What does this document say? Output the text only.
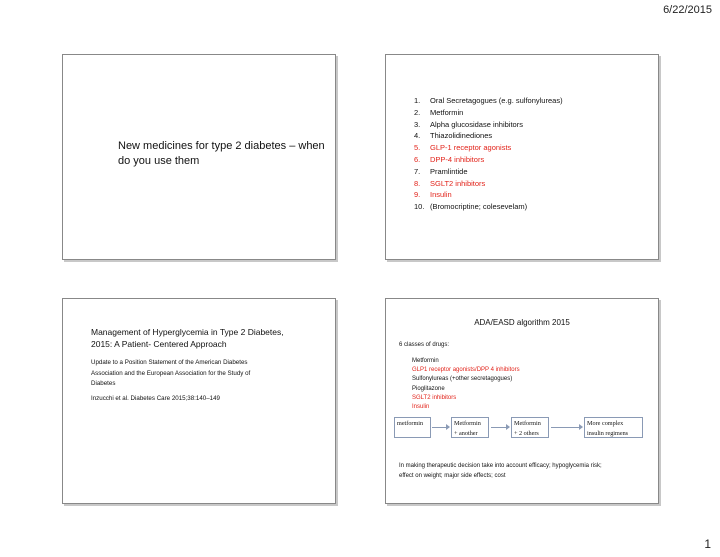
6/22/2015
New medicines for type 2 diabetes – when do you use them
1. Oral Secretagogues (e.g. sulfonylureas)
2. Metformin
3. Alpha glucosidase inhibitors
4. Thiazolidinediones
5. GLP-1 receptor agonists
6. DPP-4 inhibitors
7. Pramlintide
8. SGLT2 inhibitors
9. Insulin
10. (Bromocriptine; colesevelam)
Management of Hyperglycemia in Type 2 Diabetes,
2015: A Patient- Centered Approach
Update to a Position Statement of the American Diabetes
Association and the European Association for the Study of
Diabetes
Inzucchi et al. Diabetes Care 2015;38:140–149
ADA/EASD algorithm 2015
6 classes of drugs:
Metformin
GLP1 receptor agonists/DPP 4 inhibitors
Sulfonylureas (+other secretagogues)
Pioglitazone
SGLT2 inhibitors
Insulin
metformin	Metformin
+ another
Metformin
+ 2 others
More complex
insulin regimens
In making therapeutic decision take into account efficacy; hypoglycemia risk;
effect on weight; major side effects; cost
1
